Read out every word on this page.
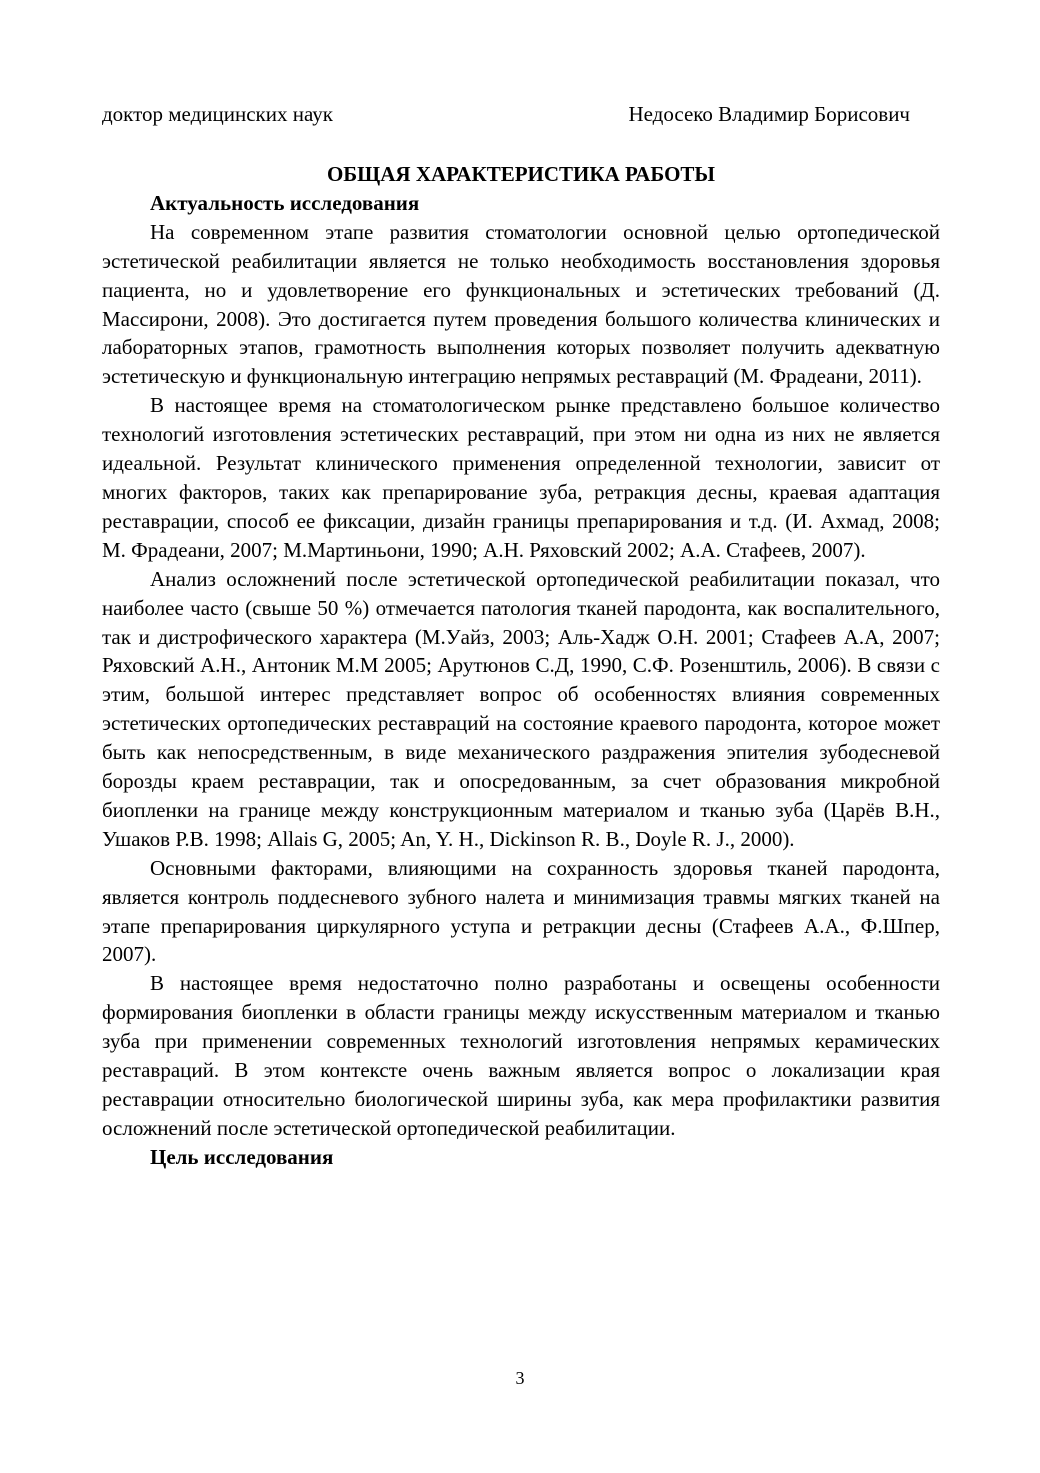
доктор медицинских наук	Недосеко Владимир Борисович

ОБЩАЯ ХАРАКТЕРИСТИКА РАБОТЫ

Актуальность исследования

На современном этапе развития стоматологии основной целью ортопедической эстетической реабилитации является не только необходимость восстановления здоровья пациента, но и удовлетворение его функциональных и эстетических требований (Д. Массирони, 2008). Это достигается путем проведения большого количества клинических и лабораторных этапов, грамотность выполнения которых позволяет получить адекватную эстетическую и функциональную интеграцию непрямых реставраций (М. Фрадеани, 2011).

В настоящее время на стоматологическом рынке представлено большое количество технологий изготовления эстетических реставраций, при этом ни одна из них не является идеальной. Результат клинического применения определенной технологии, зависит от многих факторов, таких как препарирование зуба, ретракция десны, краевая адаптация реставрации, способ ее фиксации, дизайн границы препарирования и т.д. (И. Ахмад, 2008; М. Фрадеани, 2007; М.Мартиньони, 1990; А.Н. Ряховский 2002; А.А. Стафеев, 2007).

Анализ осложнений после эстетической ортопедической реабилитации показал, что наиболее часто (свыше 50 %) отмечается патология тканей пародонта, как воспалительного, так и дистрофического характера (М.Уайз, 2003; Аль-Хадж О.Н. 2001; Стафеев А.А, 2007; Ряховский А.Н., Антоник М.М 2005; Арутюнов С.Д, 1990, С.Ф. Розенштиль, 2006). В связи с этим, большой интерес представляет вопрос об особенностях влияния современных эстетических ортопедических реставраций на состояние краевого пародонта, которое может быть как непосредственным, в виде механического раздражения эпителия зубодесневой борозды краем реставрации, так и опосредованным, за счет образования микробной биопленки на границе между конструкционным материалом и тканью зуба (Царёв В.Н., Ушаков Р.В. 1998; Allais G, 2005; An, Y. H., Dickinson R. B., Doyle R. J., 2000).

Основными факторами, влияющими на сохранность здоровья тканей пародонта, является контроль поддесневого зубного налета и минимизация травмы мягких тканей на этапе препарирования циркулярного уступа и ретракции десны (Стафеев А.А., Ф.Шпер, 2007).

В настоящее время недостаточно полно разработаны и освещены особенности формирования биопленки в области границы между искусственным материалом и тканью зуба при применении современных технологий изготовления непрямых керамических реставраций. В этом контексте очень важным является вопрос о локализации края реставрации относительно биологической ширины зуба, как мера профилактики развития осложнений после эстетической ортопедической реабилитации.

Цель исследования

3
